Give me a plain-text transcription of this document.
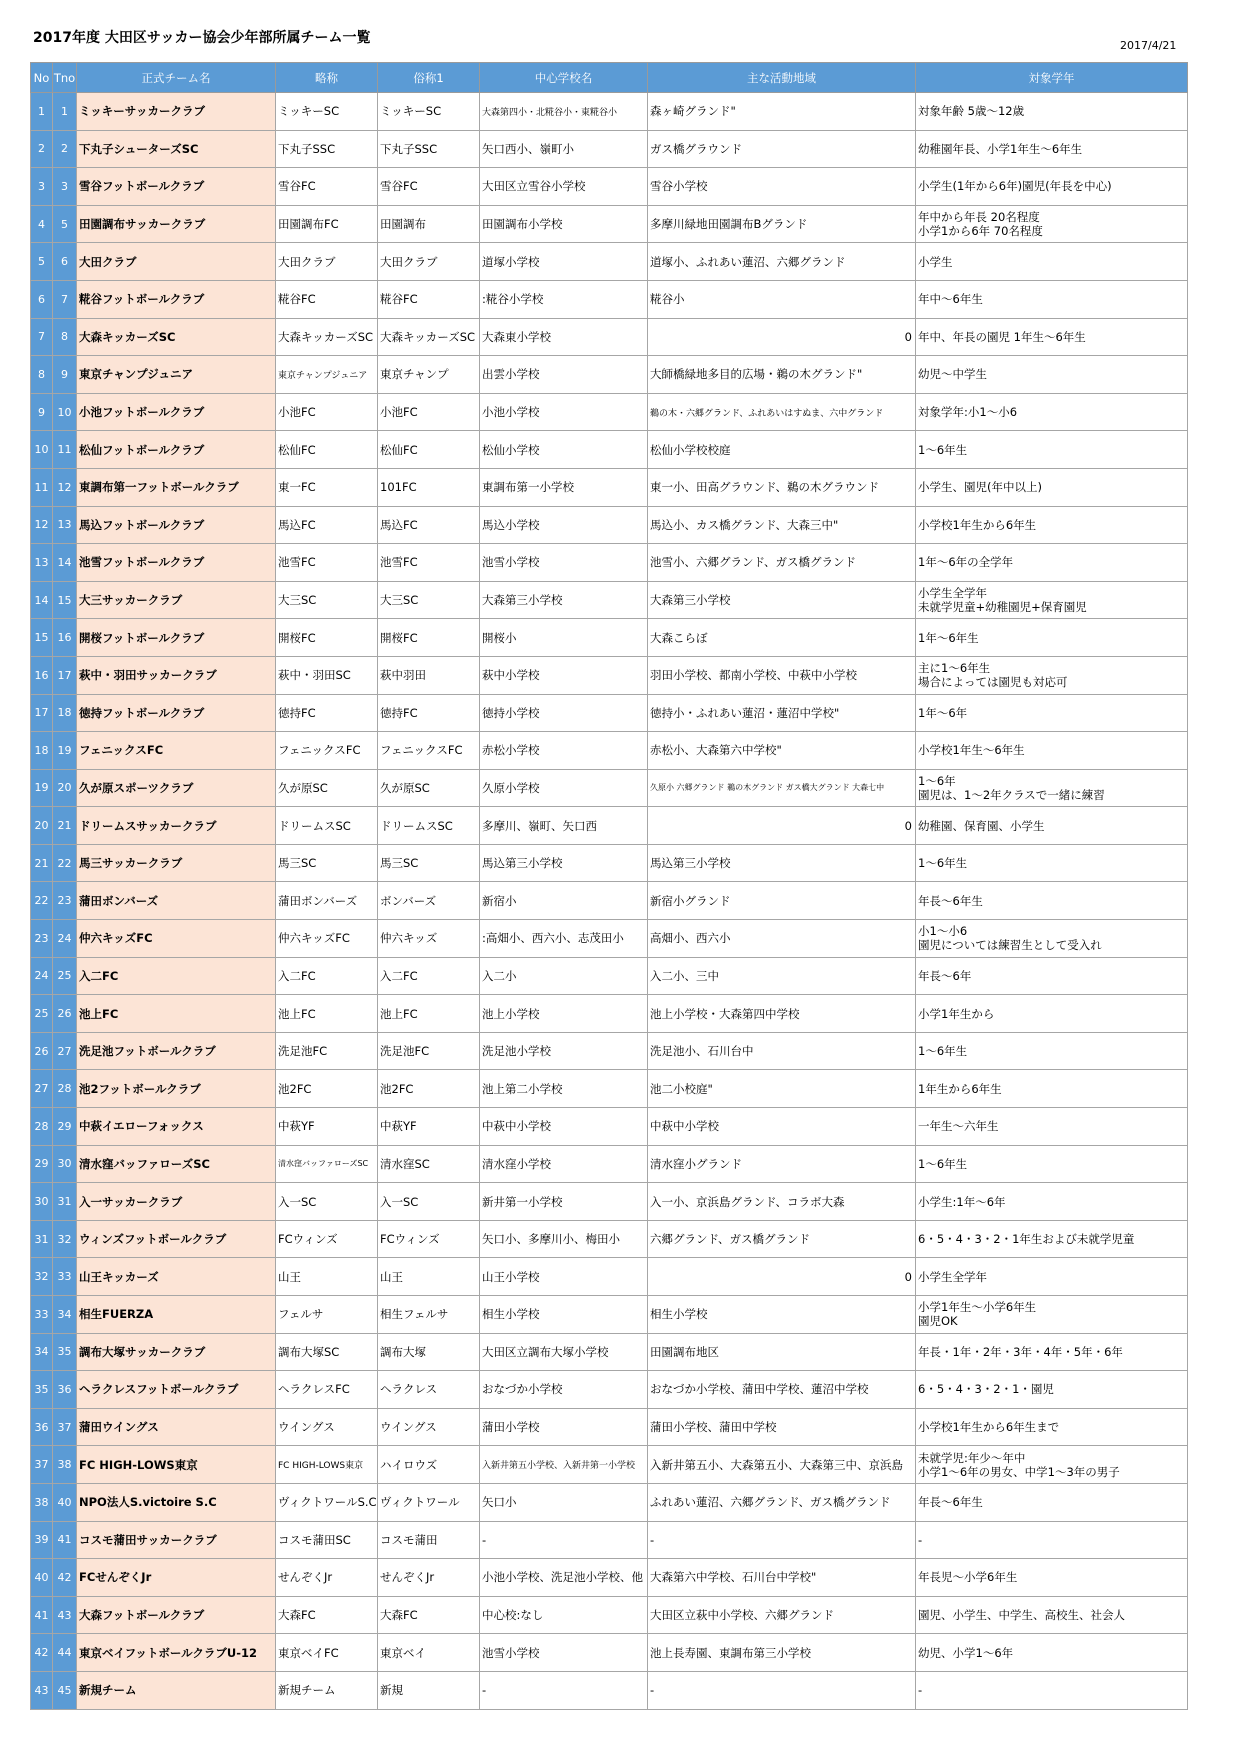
2017年度 大田区サッカー協会少年部所属チーム一覧	2017/4/21
No	Tno	正式チーム名	略称	俗称1	中心学校名	主な活動地域	対象学年
1	1	ミッキーサッカークラブ	ミッキーSC	ミッキーSC	大森第四小・北糀谷小・東糀谷小	森ヶ崎グランド"	対象年齢 5歳～12歳
2	2	下丸子シューターズSC	下丸子SSC	下丸子SSC	矢口西小、嶺町小	ガス橋グラウンド	幼稚園年長、小学1年生～6年生
3	3	雪谷フットボールクラブ	雪谷FC	雪谷FC	大田区立雪谷小学校	雪谷小学校	小学生(1年から6年)園児(年長を中心)
4	5	田園調布サッカークラブ	田園調布FC	田園調布	田園調布小学校	多摩川緑地田園調布Bグランド	年中から年長 20名程度
小学1から6年 70名程度

5	6	大田クラブ	大田クラブ	大田クラブ	道塚小学校	道塚小、ふれあい蓮沼、六郷グランド	小学生
6	7	糀谷フットボールクラブ	糀谷FC	糀谷FC	:糀谷小学校	糀谷小	年中～6年生
7	8	大森キッカーズSC	大森キッカーズSC	大森キッカーズSC	大森東小学校	0	年中、年長の園児 1年生～6年生
8	9	東京チャンプジュニア	東京チャンプジュニア	東京チャンプ	出雲小学校	大師橋緑地多目的広場・鵜の木グランド"	幼児～中学生
9	10	小池フットボールクラブ	小池FC	小池FC	小池小学校	鵜の木・六郷グランド、ふれあいはすぬま、六中グランド	対象学年:小1～小6
10	11	松仙フットボールクラブ	松仙FC	松仙FC	松仙小学校	松仙小学校校庭	1～6年生
11	12	東調布第一フットボールクラブ	東一FC	101FC	東調布第一小学校	東一小、田高グラウンド、鵜の木グラウンド	小学生、園児(年中以上)
12	13	馬込フットボールクラブ	馬込FC	馬込FC	馬込小学校	馬込小、カス橋グランド、大森三中"	小学校1年生から6年生
13	14	池雪フットボールクラブ	池雪FC	池雪FC	池雪小学校	池雪小、六郷グランド、ガス橋グランド	1年～6年の全学年
14	15	大三サッカークラブ	大三SC	大三SC	大森第三小学校	大森第三小学校	小学生全学年
未就学児童+幼稚園児+保育園児

15	16	開桜フットボールクラブ	開桜FC	開桜FC	開桜小	大森こらぼ	1年～6年生
16	17	萩中・羽田サッカークラブ	萩中・羽田SC	萩中羽田	萩中小学校	羽田小学校、都南小学校、中萩中小学校	主に1～6年生
場合によっては園児も対応可

17	18	徳持フットボールクラブ	徳持FC	徳持FC	徳持小学校	徳持小・ふれあい蓮沼・蓮沼中学校"	1年～6年
18	19	フェニックスFC	フェニックスFC	フェニックスFC	赤松小学校	赤松小、大森第六中学校"	小学校1年生～6年生
19	20	久が原スポーツクラブ	久が原SC	久が原SC	久原小学校	久原小 六郷グランド 鵜の木グランド ガス橋大グランド 大森七中	1～6年
園児は、1～2年クラスで一緒に練習

20	21	ドリームスサッカークラブ	ドリームスSC	ドリームスSC	多摩川、嶺町、矢口西	0	幼稚園、保育園、小学生
21	22	馬三サッカークラブ	馬三SC	馬三SC	馬込第三小学校	馬込第三小学校	1～6年生
22	23	蒲田ボンバーズ	蒲田ボンバーズ	ボンバーズ	新宿小	新宿小グランド	年長～6年生
23	24	仲六キッズFC	仲六キッズFC	仲六キッズ	:高畑小、西六小、志茂田小	高畑小、西六小	小1～小6
園児については練習生として受入れ

24	25	入二FC	入二FC	入二FC	入二小	入二小、三中	年長～6年
25	26	池上FC	池上FC	池上FC	池上小学校	池上小学校・大森第四中学校	小学1年生から
26	27	洗足池フットボールクラブ	洗足池FC	洗足池FC	洗足池小学校	洗足池小、石川台中	1～6年生
27	28	池2フットボールクラブ	池2FC	池2FC	池上第二小学校	池二小校庭"	1年生から6年生
28	29	中萩イエローフォックス	中萩YF	中萩YF	中萩中小学校	中萩中小学校	一年生～六年生
29	30	清水窪バッファローズSC	清水窪バッファローズSC	清水窪SC	清水窪小学校	清水窪小グランド	1～6年生
30	31	入一サッカークラブ	入一SC	入一SC	新井第一小学校	入一小、京浜島グランド、コラボ大森	小学生:1年～6年
31	32	ウィンズフットボールクラブ	FCウィンズ	FCウィンズ	矢口小、多摩川小、梅田小	六郷グランド、ガス橋グランド	6・5・4・3・2・1年生および未就学児童
32	33	山王キッカーズ	山王	山王	山王小学校	0	小学生全学年
33	34	相生FUERZA	フェルサ	相生フェルサ	相生小学校	相生小学校	小学1年生～小学6年生
園児OK

34	35	調布大塚サッカークラブ	調布大塚SC	調布大塚	大田区立調布大塚小学校	田園調布地区	年長・1年・2年・3年・4年・5年・6年
35	36	ヘラクレスフットボールクラブ	ヘラクレスFC	ヘラクレス	おなづか小学校	おなづか小学校、蒲田中学校、蓮沼中学校	6・5・4・3・2・1・園児
36	37	蒲田ウイングス	ウイングス	ウイングス	蒲田小学校	蒲田小学校、蒲田中学校	小学校1年生から6年生まで
37	38	FC HIGH-LOWS東京	FC HIGH-LOWS東京	ハイロウズ	入新井第五小学校、入新井第一小学校	入新井第五小、大森第五小、大森第三中、京浜島	未就学児:年少～年中
小学1～6年の男女、中学1～3年の男子

38	40	NPO法人S.victoire S.C	ヴィクトワールS.C	ヴィクトワール	矢口小	ふれあい蓮沼、六郷グランド、ガス橋グランド	年長～6年生
39	41	コスモ蒲田サッカークラブ	コスモ蒲田SC	コスモ蒲田	-	-	-
40	42	FCせんぞくJr	せんぞくJr	せんぞくJr	小池小学校、洗足池小学校、他	大森第六中学校、石川台中学校"	年長児～小学6年生
41	43	大森フットボールクラブ	大森FC	大森FC	中心校:なし	大田区立萩中小学校、六郷グランド	園児、小学生、中学生、高校生、社会人
42	44	東京ベイフットボールクラブU-12	東京ベイFC	東京ベイ	池雪小学校	池上長寿園、東調布第三小学校	幼児、小学1～6年
43	45	新規チーム	新規チーム	新規	-	-	-
